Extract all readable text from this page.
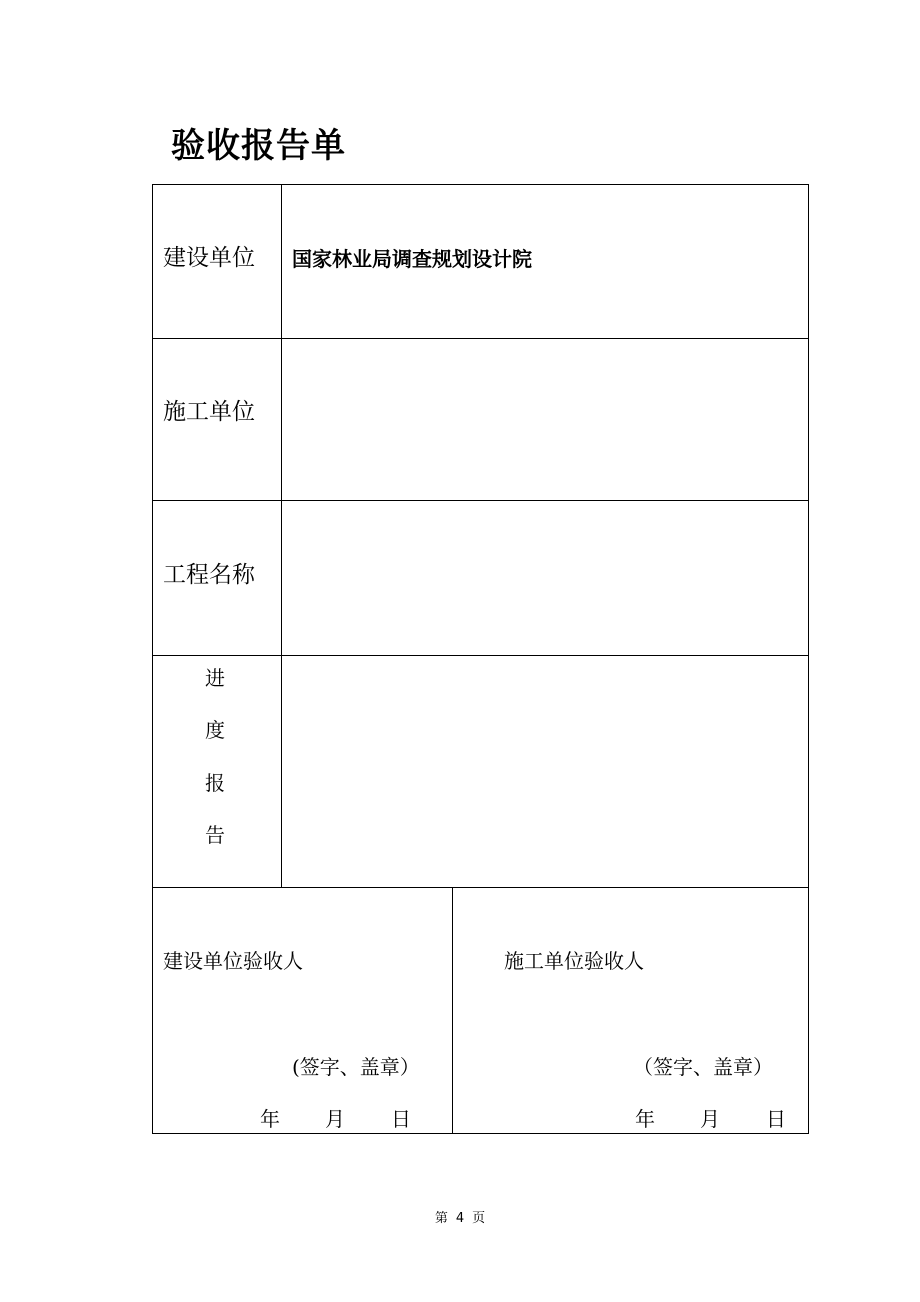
验收报告单
建设单位 国家林业局调查规划设计院
施工单位
工程名称
进
度
报
告
建设单位验收人
(签字、盖章）
年 月 日
施工单位验收人
（签字、盖章）
年 月 日
第 4 页
